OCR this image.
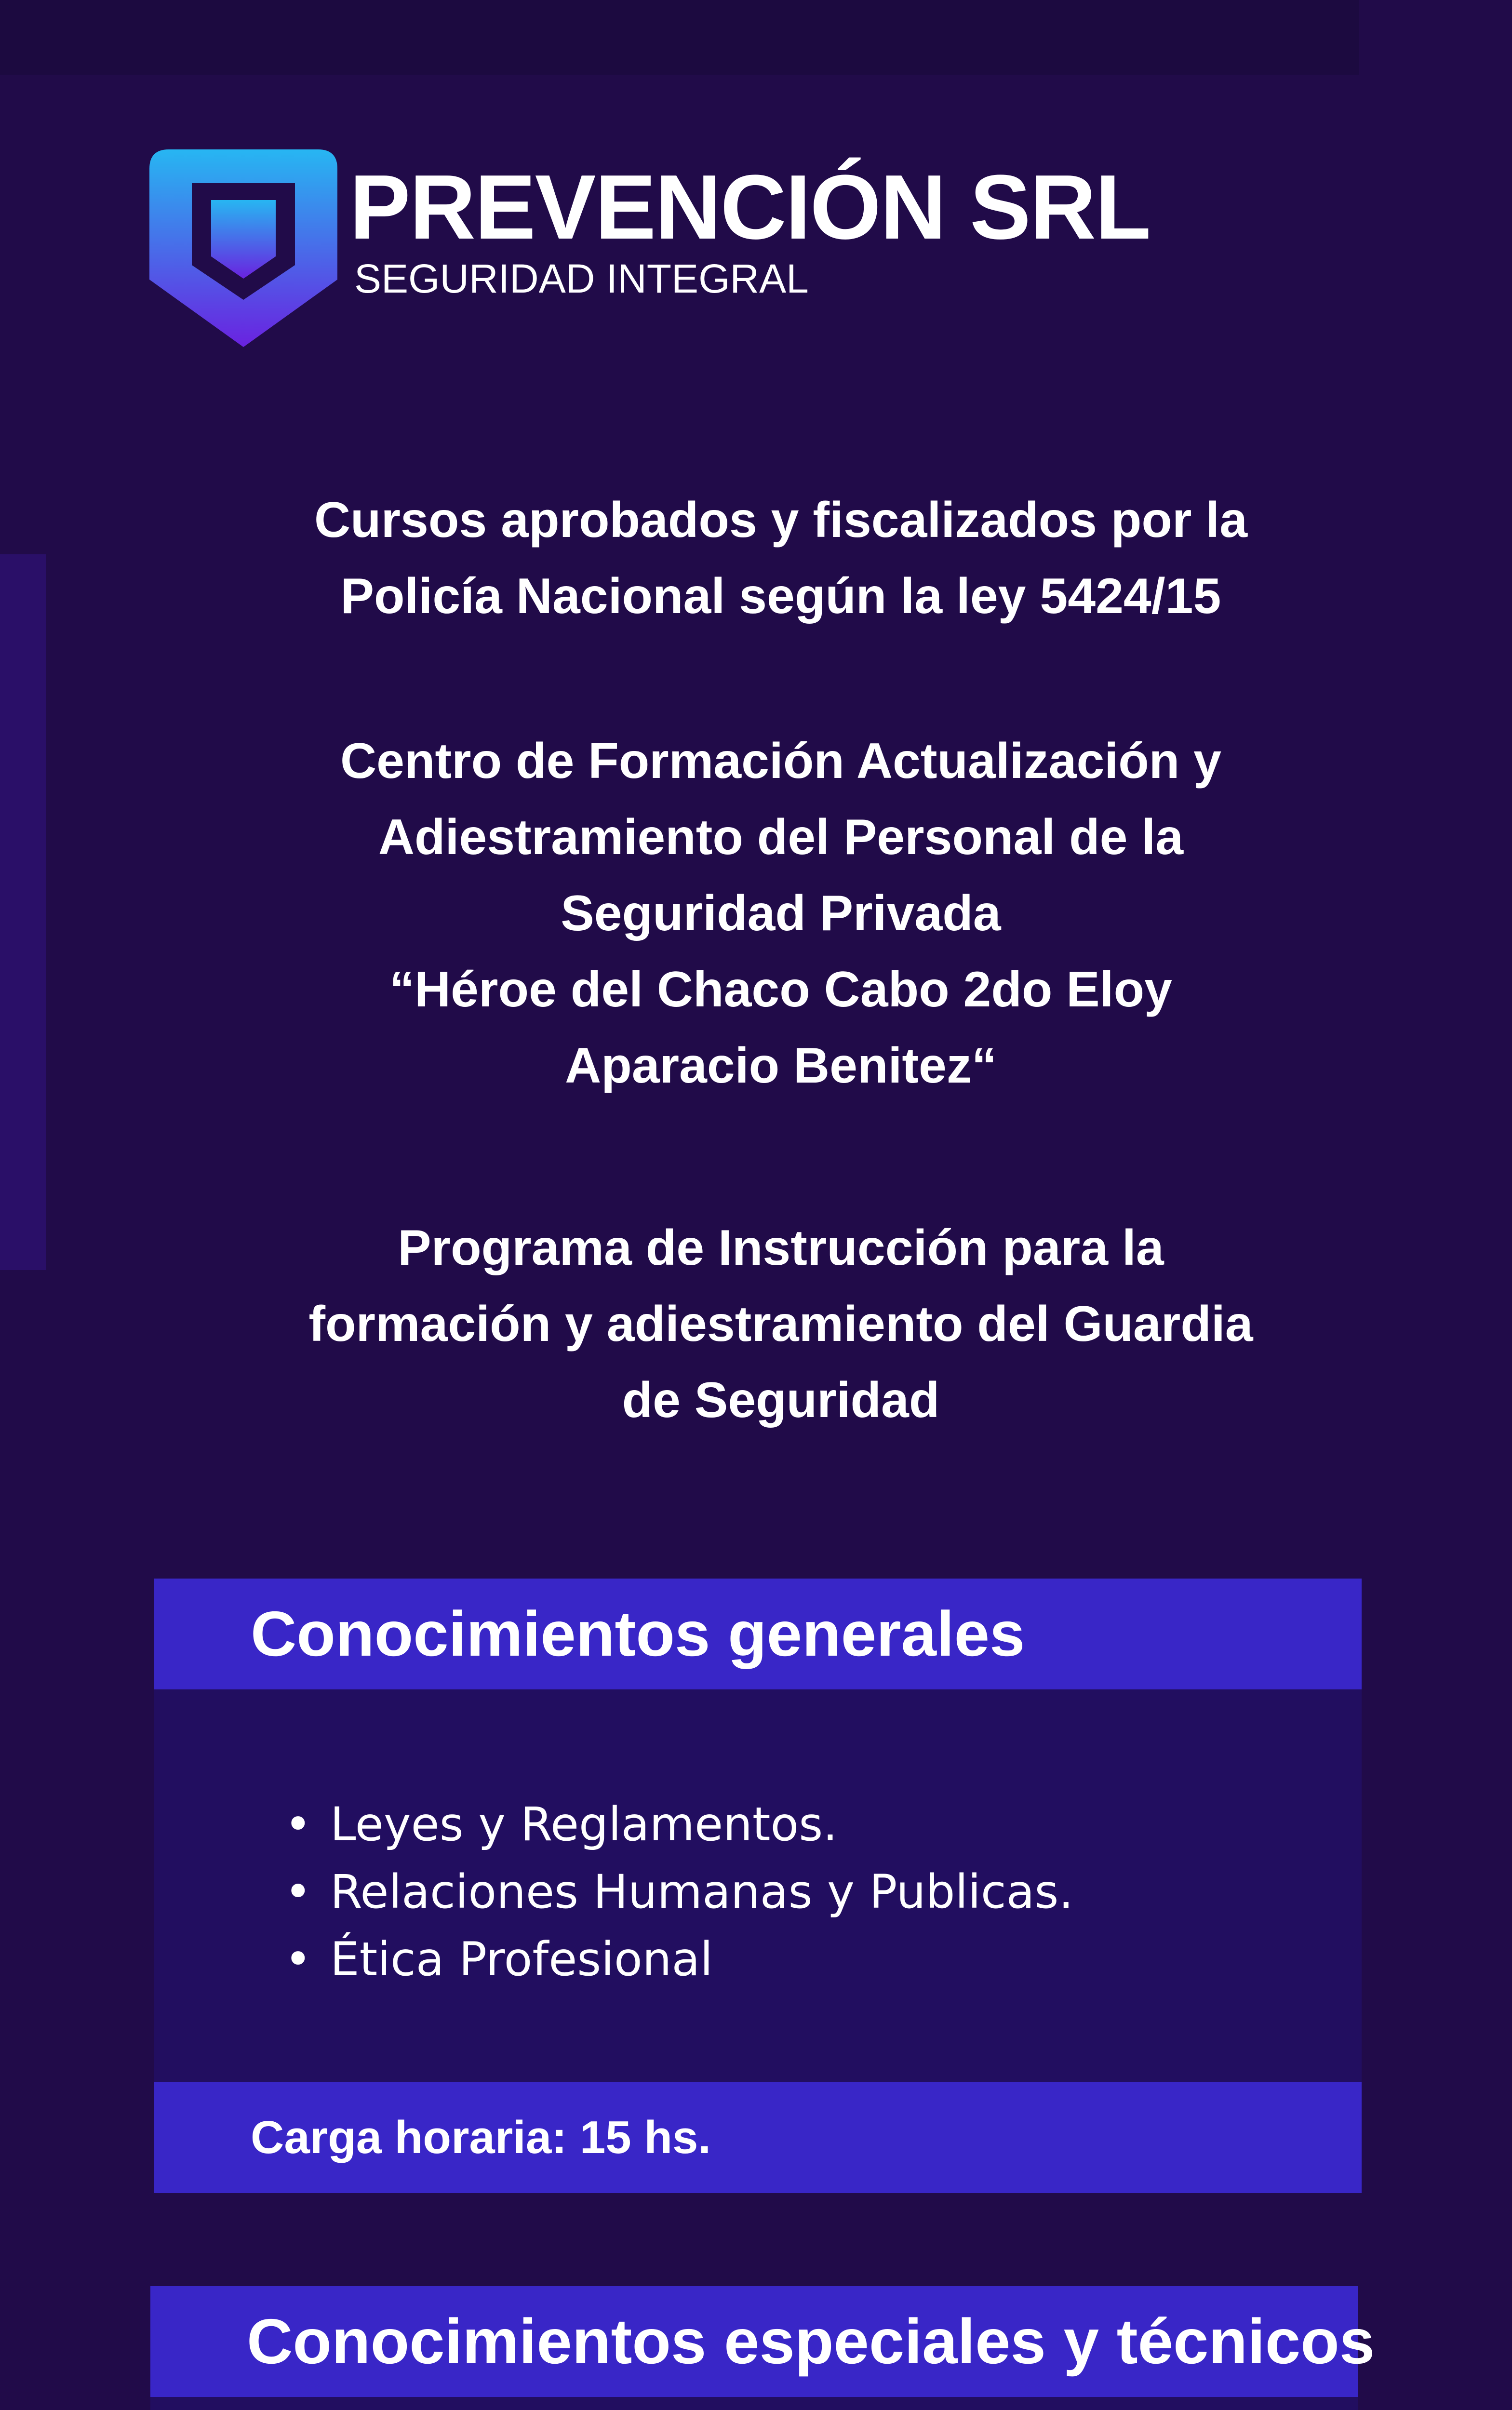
PREVENCIÓN SRL
SEGURIDAD INTEGRAL
Cursos aprobados y fiscalizados por la
Policía Nacional según la ley 5424/15
Centro de Formación Actualización y
Adiestramiento del Personal de la
Seguridad Privada
“Héroe del Chaco Cabo 2do Eloy
Aparacio Benitez“
Programa de Instrucción para la
formación y adiestramiento del Guardia
de Seguridad
Conocimientos generales
• Leyes y Reglamentos.
• Relaciones Humanas y Publicas.
• Ética Profesional
Carga horaria: 15 hs.
Conocimientos especiales y técnicos
